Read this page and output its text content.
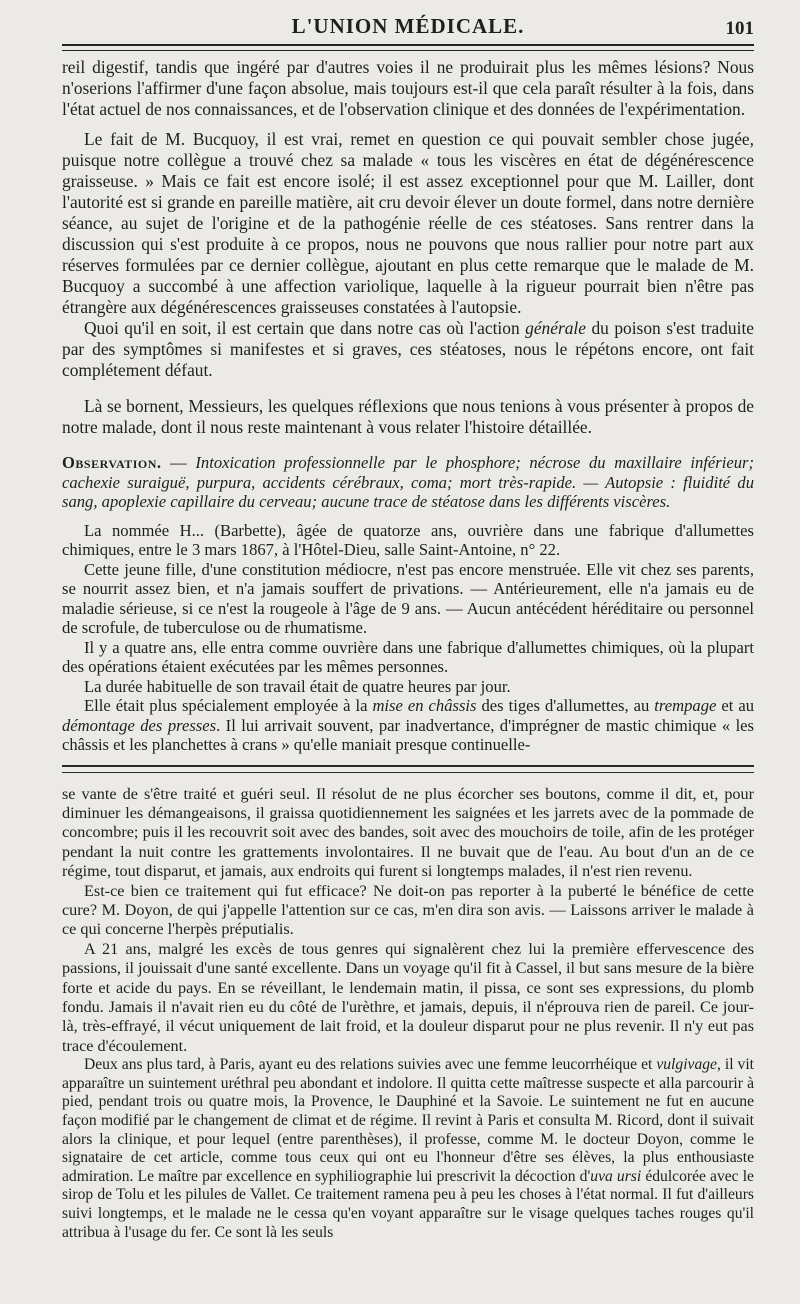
L'UNION MÉDICALE.	101

reil digestif, tandis que ingéré par d'autres voies il ne produirait plus les mêmes lésions? Nous n'oserions l'affirmer d'une façon absolue, mais toujours est-il que cela paraît résulter à la fois, dans l'état actuel de nos connaissances, et de l'observation clinique et des données de l'expérimentation.

Le fait de M. Bucquoy, il est vrai, remet en question ce qui pouvait sembler chose jugée, puisque notre collègue a trouvé chez sa malade « tous les viscères en état de dégénérescence graisseuse. » Mais ce fait est encore isolé; il est assez exceptionnel pour que M. Lailler, dont l'autorité est si grande en pareille matière, ait cru devoir élever un doute formel, dans notre dernière séance, au sujet de l'origine et de la pathogénie réelle de ces stéatoses. Sans rentrer dans la discussion qui s'est produite à ce propos, nous ne pouvons que nous rallier pour notre part aux réserves formulées par ce dernier collègue, ajoutant en plus cette remarque que le malade de M. Bucquoy a succombé à une affection variolique, laquelle à la rigueur pourrait bien n'être pas étrangère aux dégénérescences graisseuses constatées à l'autopsie.

Quoi qu'il en soit, il est certain que dans notre cas où l'action générale du poison s'est traduite par des symptômes si manifestes et si graves, ces stéatoses, nous le répétons encore, ont fait complétement défaut.

Là se bornent, Messieurs, les quelques réflexions que nous tenions à vous présenter à propos de notre malade, dont il nous reste maintenant à vous relater l'histoire détaillée.

Observation. — Intoxication professionnelle par le phosphore; nécrose du maxillaire inférieur; cachexie suraiguë, purpura, accidents cérébraux, coma; mort très-rapide. — Autopsie : fluidité du sang, apoplexie capillaire du cerveau; aucune trace de stéatose dans les différents viscères.

La nommée H... (Barbette), âgée de quatorze ans, ouvrière dans une fabrique d'allumettes chimiques, entre le 3 mars 1867, à l'Hôtel-Dieu, salle Saint-Antoine, n° 22.

Cette jeune fille, d'une constitution médiocre, n'est pas encore menstruée. Elle vit chez ses parents, se nourrit assez bien, et n'a jamais souffert de privations. — Antérieurement, elle n'a jamais eu de maladie sérieuse, si ce n'est la rougeole à l'âge de 9 ans. — Aucun antécédent héréditaire ou personnel de scrofule, de tuberculose ou de rhumatisme.

Il y a quatre ans, elle entra comme ouvrière dans une fabrique d'allumettes chimiques, où la plupart des opérations étaient exécutées par les mêmes personnes.

La durée habituelle de son travail était de quatre heures par jour.

Elle était plus spécialement employée à la mise en châssis des tiges d'allumettes, au trempage et au démontage des presses. Il lui arrivait souvent, par inadvertance, d'imprégner de mastic chimique « les châssis et les planchettes à crans » qu'elle maniait presque continuelle-

se vante de s'être traité et guéri seul. Il résolut de ne plus écorcher ses boutons, comme il dit, et, pour diminuer les démangeaisons, il graissa quotidiennement les saignées et les jarrets avec de la pommade de concombre; puis il les recouvrit soit avec des bandes, soit avec des mouchoirs de toile, afin de les protéger pendant la nuit contre les grattements involontaires. Il ne buvait que de l'eau. Au bout d'un an de ce régime, tout disparut, et jamais, aux endroits qui furent si longtemps malades, il n'est rien revenu.

Est-ce bien ce traitement qui fut efficace? Ne doit-on pas reporter à la puberté le bénéfice de cette cure? M. Doyon, de qui j'appelle l'attention sur ce cas, m'en dira son avis. — Laissons arriver le malade à ce qui concerne l'herpès préputialis.

A 21 ans, malgré les excès de tous genres qui signalèrent chez lui la première effervescence des passions, il jouissait d'une santé excellente. Dans un voyage qu'il fit à Cassel, il but sans mesure de la bière forte et acide du pays. En se réveillant, le lendemain matin, il pissa, ce sont ses expressions, du plomb fondu. Jamais il n'avait rien eu du côté de l'urèthre, et jamais, depuis, il n'éprouva rien de pareil. Ce jour-là, très-effrayé, il vécut uniquement de lait froid, et la douleur disparut pour ne plus revenir. Il n'y eut pas trace d'écoulement.

Deux ans plus tard, à Paris, ayant eu des relations suivies avec une femme leucorrhéique et vulgivage, il vit apparaître un suintement uréthral peu abondant et indolore. Il quitta cette maîtresse suspecte et alla parcourir à pied, pendant trois ou quatre mois, la Provence, le Dauphiné et la Savoie. Le suintement ne fut en aucune façon modifié par le changement de climat et de régime. Il revint à Paris et consulta M. Ricord, dont il suivait alors la clinique, et pour lequel (entre parenthèses), il professe, comme M. le docteur Doyon, comme le signataire de cet article, comme tous ceux qui ont eu l'honneur d'être ses élèves, la plus enthousiaste admiration. Le maître par excellence en syphiliographie lui prescrivit la décoction d'uva ursi édulcorée avec le sirop de Tolu et les pilules de Vallet. Ce traitement ramena peu à peu les choses à l'état normal. Il fut d'ailleurs suivi longtemps, et le malade ne le cessa qu'en voyant apparaître sur le visage quelques taches rouges qu'il attribua à l'usage du fer. Ce sont là les seuls
